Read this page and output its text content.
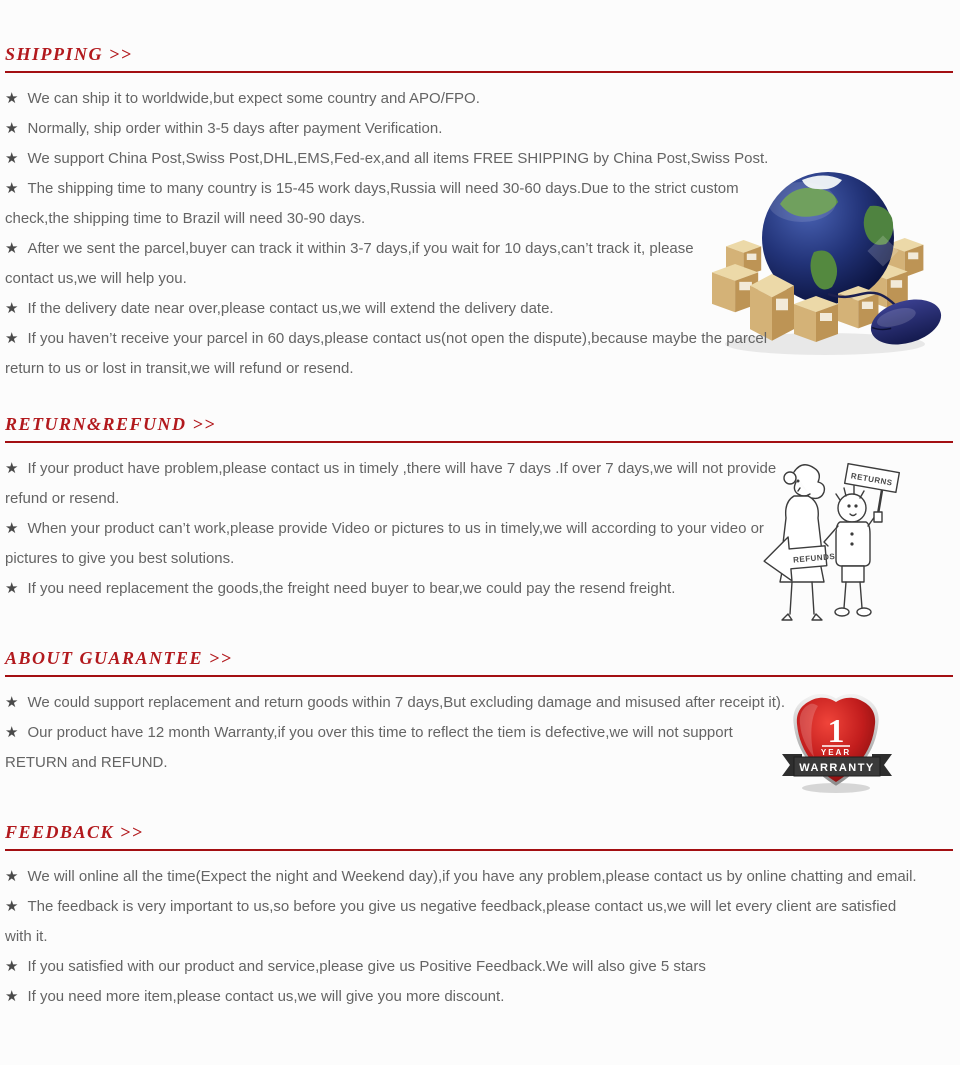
SHIPPING >>

★ We can ship it to worldwide,but expect some country and APO/FPO.

★ Normally, ship order within 3-5 days after payment Verification.

★ We support China Post,Swiss Post,DHL,EMS,Fed-ex,and all items FREE SHIPPING by China Post,Swiss Post.

★ The shipping time to many country is 15-45 work days,Russia will need 30-60 days.Due to the strict custom check,the shipping time to Brazil will need 30-90 days.

★ After we sent the parcel,buyer can track it within 3-7 days,if you wait for 10 days,can’t track it, please contact us,we will help you.

★ If the delivery date near over,please contact us,we will extend the delivery date.

★ If you haven’t receive your parcel in 60 days,please contact us(not open the dispute),because maybe the parcel return to us or lost in transit,we will refund or resend.

RETURN&REFUND >>

★ If your product have problem,please contact us in timely ,there will have 7 days .If over 7 days,we will not provide refund or resend.

★ When your product can’t work,please provide Video or pictures to us in timely,we will according to your video or pictures to give you best solutions.

★ If you need replacement the goods,the freight need buyer to bear,we could pay the resend freight.

ABOUT GUARANTEE >>

★ We could support replacement and return goods within 7 days,But excluding damage and misused after receipt it).

★ Our product have 12 month Warranty,if you over this time to reflect the tiem is defective,we will not support RETURN and REFUND.

FEEDBACK >>

★ We will online all the time(Expect the night and Weekend day),if you have any problem,please contact us by online chatting and email.

★ The feedback is very important to us,so before you give us negative feedback,please contact us,we will let every client are satisfied with it.

★ If you satisfied with our product and service,please give us Positive Feedback.We will also give 5 stars

★ If you need more item,please contact us,we will give you more discount.

REFUNDS
RETURNS
1
YEAR
WARRANTY
